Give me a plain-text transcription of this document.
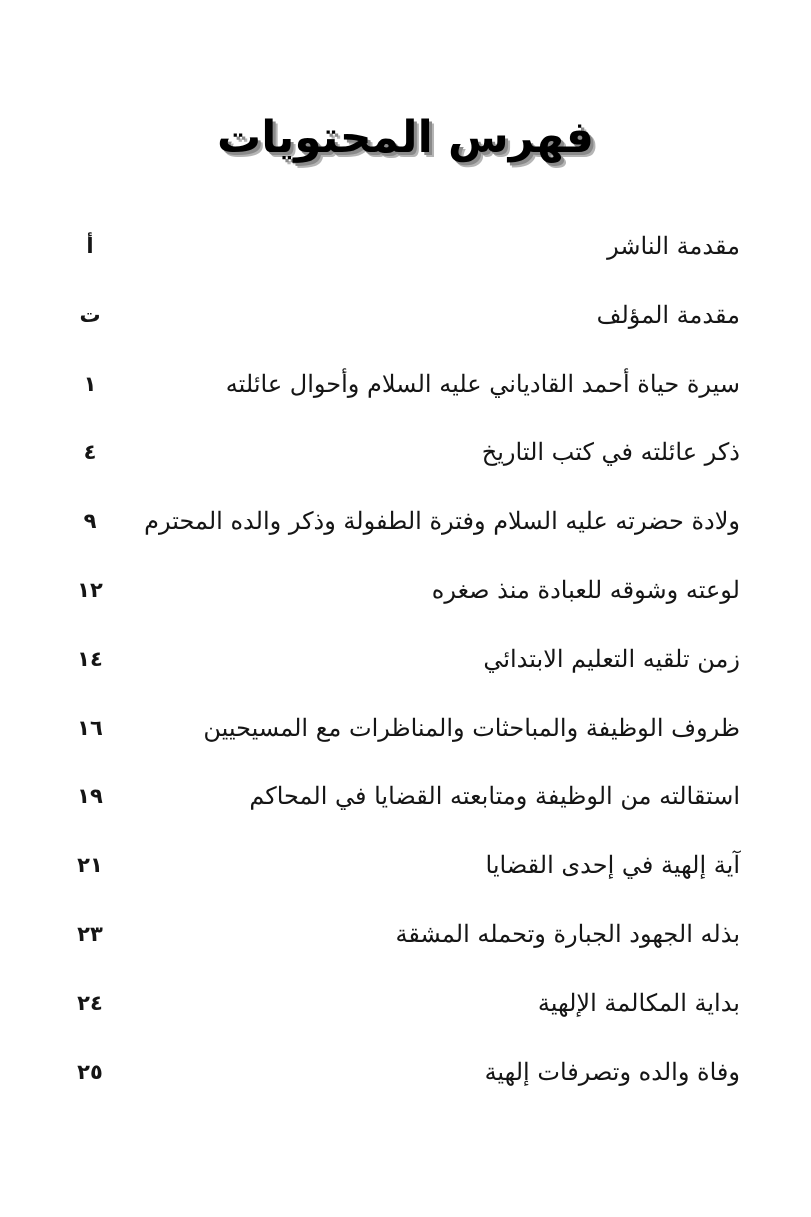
فهرس المحتويات
مقدمة الناشر
أ
مقدمة المؤلف
ت
سيرة حياة أحمد القادياني عليه السلام وأحوال عائلته
١
ذكر عائلته في كتب التاريخ
٤
ولادة حضرته عليه السلام وفترة الطفولة وذكر والده المحترم
٩
لوعته وشوقه للعبادة منذ صغره
١٢
زمن تلقيه التعليم الابتدائي
١٤
ظروف الوظيفة والمباحثات والمناظرات مع المسيحيين
١٦
استقالته من الوظيفة ومتابعته القضايا في المحاكم
١٩
آية إلهية في إحدى القضايا
٢١
بذله الجهود الجبارة وتحمله المشقة
٢٣
بداية المكالمة الإلهية
٢٤
وفاة والده وتصرفات إلهية
٢٥
